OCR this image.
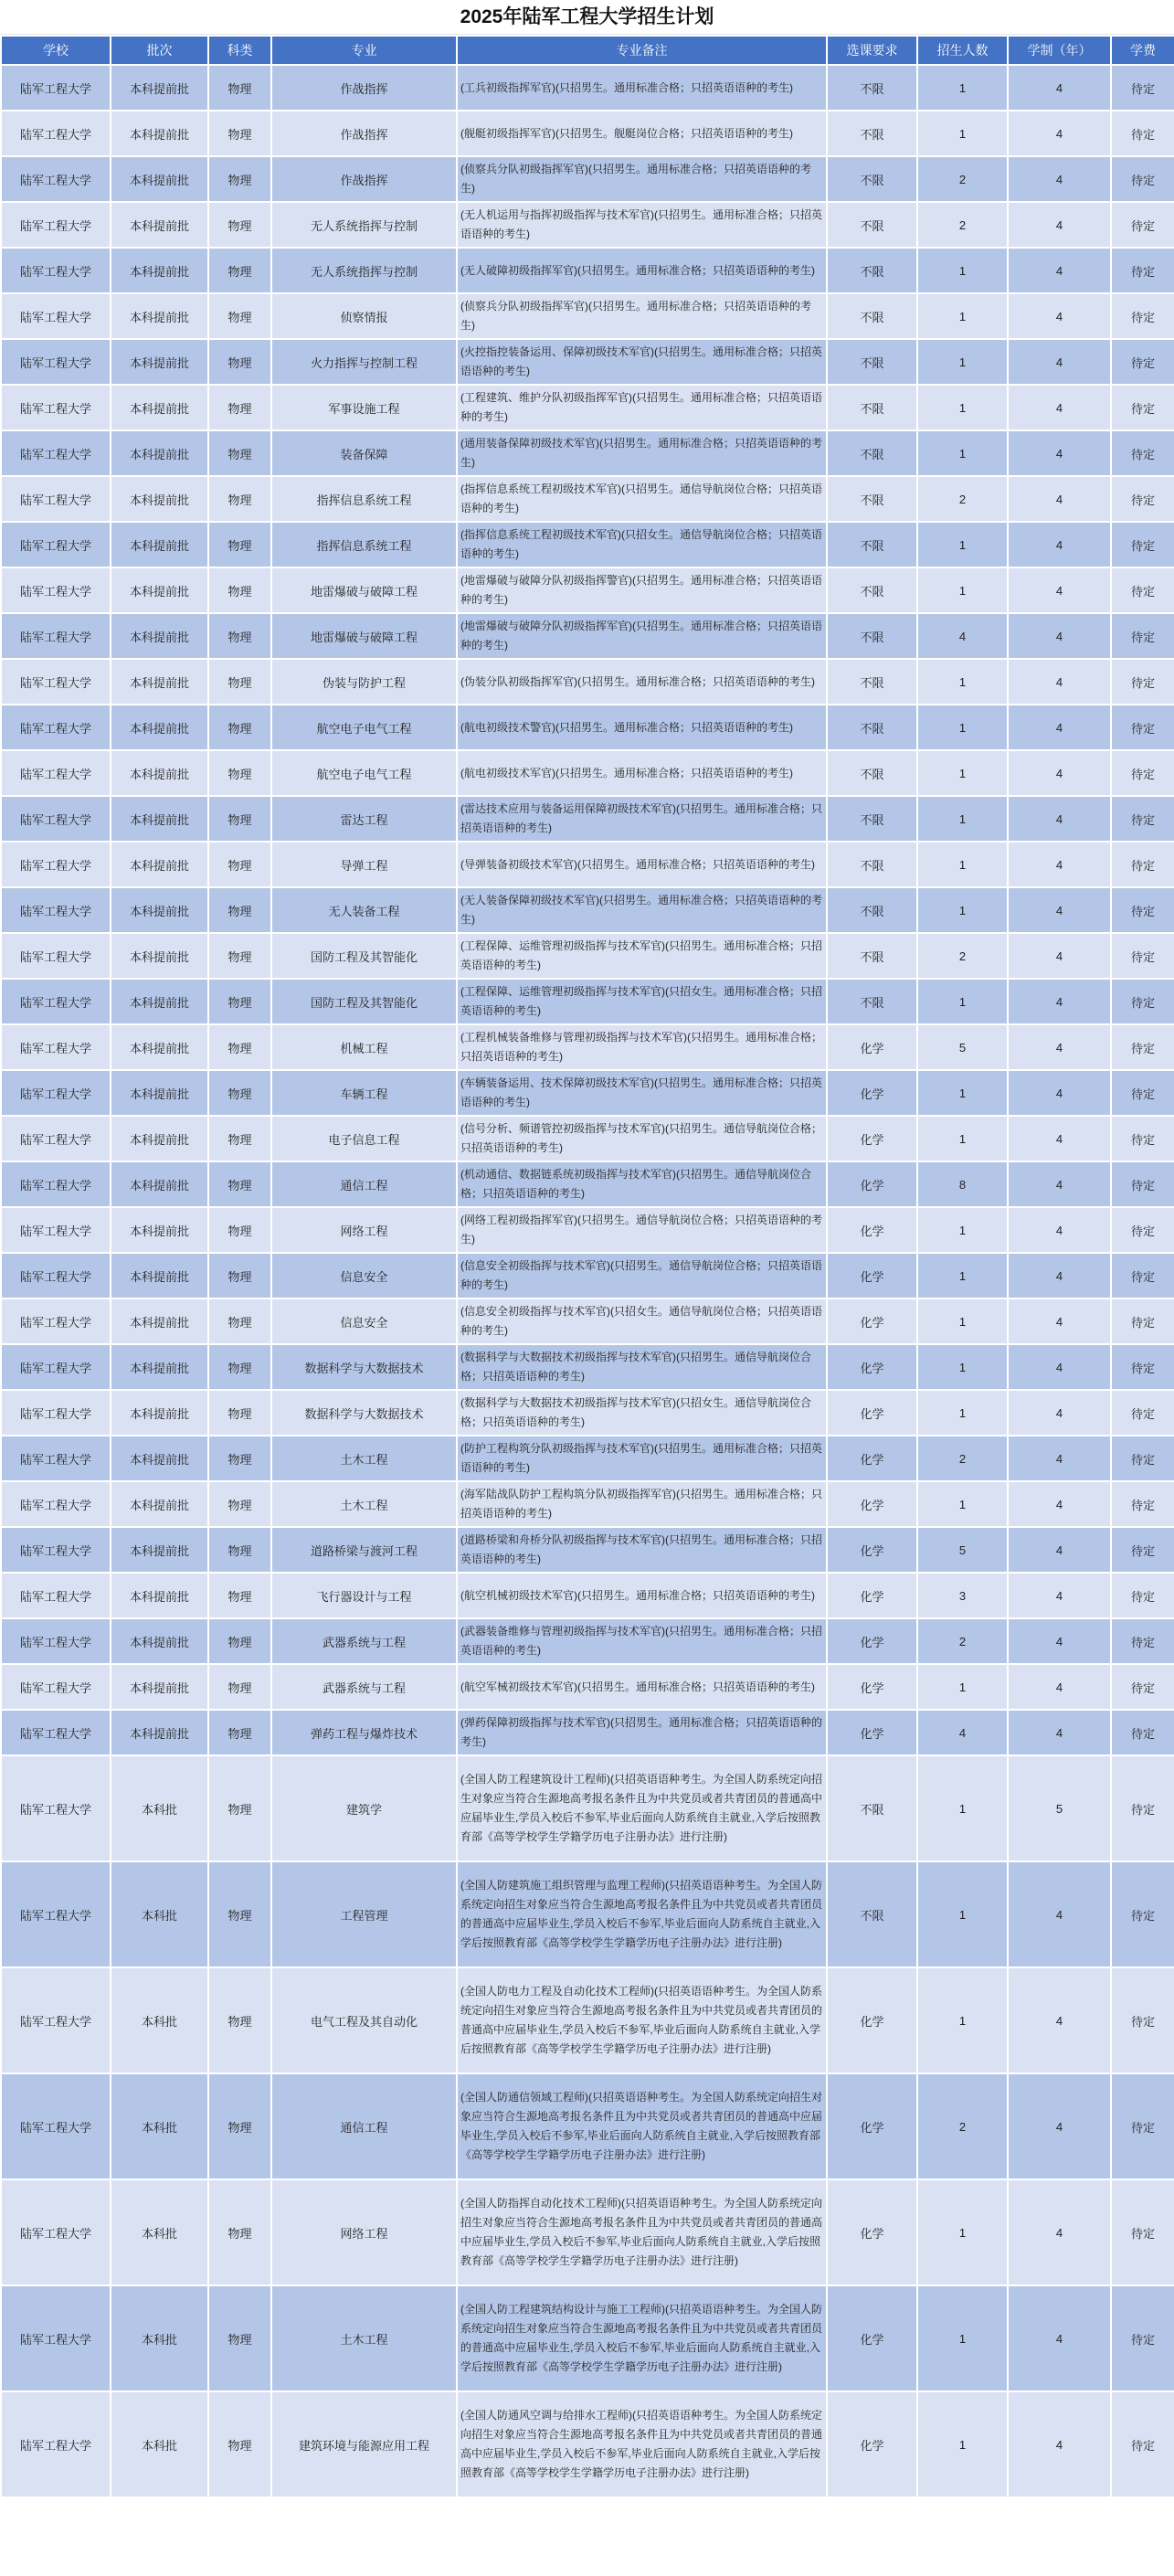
2025年陆军工程大学招生计划
学校	批次	科类	专业	专业备注	选课要求	招生人数	学制（年）	学费
陆军工程大学	本科提前批	物理	作战指挥	(工兵初级指挥军官)(只招男生。通用标准合格；只招英语语种的考生)	不限	1	4	待定
陆军工程大学	本科提前批	物理	作战指挥	(舰艇初级指挥军官)(只招男生。舰艇岗位合格；只招英语语种的考生)	不限	1	4	待定
陆军工程大学	本科提前批	物理	作战指挥	(侦察兵分队初级指挥军官)(只招男生。通用标准合格；只招英语语种的考生)	不限	2	4	待定
陆军工程大学	本科提前批	物理	无人系统指挥与控制	(无人机运用与指挥初级指挥与技术军官)(只招男生。通用标准合格；只招英语语种的考生)	不限	2	4	待定
陆军工程大学	本科提前批	物理	无人系统指挥与控制	(无人破障初级指挥军官)(只招男生。通用标准合格；只招英语语种的考生)	不限	1	4	待定
陆军工程大学	本科提前批	物理	侦察情报	(侦察兵分队初级指挥军官)(只招男生。通用标准合格；只招英语语种的考生)	不限	1	4	待定
陆军工程大学	本科提前批	物理	火力指挥与控制工程	(火控指控装备运用、保障初级技术军官)(只招男生。通用标准合格；只招英语语种的考生)	不限	1	4	待定
陆军工程大学	本科提前批	物理	军事设施工程	(工程建筑、维护分队初级指挥军官)(只招男生。通用标准合格；只招英语语种的考生)	不限	1	4	待定
陆军工程大学	本科提前批	物理	装备保障	(通用装备保障初级技术军官)(只招男生。通用标准合格；只招英语语种的考生)	不限	1	4	待定
陆军工程大学	本科提前批	物理	指挥信息系统工程	(指挥信息系统工程初级技术军官)(只招男生。通信导航岗位合格；只招英语语种的考生)	不限	2	4	待定
陆军工程大学	本科提前批	物理	指挥信息系统工程	(指挥信息系统工程初级技术军官)(只招女生。通信导航岗位合格；只招英语语种的考生)	不限	1	4	待定
陆军工程大学	本科提前批	物理	地雷爆破与破障工程	(地雷爆破与破障分队初级指挥警官)(只招男生。通用标准合格；只招英语语种的考生)	不限	1	4	待定
陆军工程大学	本科提前批	物理	地雷爆破与破障工程	(地雷爆破与破障分队初级指挥军官)(只招男生。通用标准合格；只招英语语种的考生)	不限	4	4	待定
陆军工程大学	本科提前批	物理	伪装与防护工程	(伪装分队初级指挥军官)(只招男生。通用标准合格；只招英语语种的考生)	不限	1	4	待定
陆军工程大学	本科提前批	物理	航空电子电气工程	(航电初级技术警官)(只招男生。通用标准合格；只招英语语种的考生)	不限	1	4	待定
陆军工程大学	本科提前批	物理	航空电子电气工程	(航电初级技术军官)(只招男生。通用标准合格；只招英语语种的考生)	不限	1	4	待定
陆军工程大学	本科提前批	物理	雷达工程	(雷达技术应用与装备运用保障初级技术军官)(只招男生。通用标准合格；只招英语语种的考生)	不限	1	4	待定
陆军工程大学	本科提前批	物理	导弹工程	(导弹装备初级技术军官)(只招男生。通用标准合格；只招英语语种的考生)	不限	1	4	待定
陆军工程大学	本科提前批	物理	无人装备工程	(无人装备保障初级技术军官)(只招男生。通用标准合格；只招英语语种的考生)	不限	1	4	待定
陆军工程大学	本科提前批	物理	国防工程及其智能化	(工程保障、运维管理初级指挥与技术军官)(只招男生。通用标准合格；只招英语语种的考生)	不限	2	4	待定
陆军工程大学	本科提前批	物理	国防工程及其智能化	(工程保障、运维管理初级指挥与技术军官)(只招女生。通用标准合格；只招英语语种的考生)	不限	1	4	待定
陆军工程大学	本科提前批	物理	机械工程	(工程机械装备维修与管理初级指挥与技术军官)(只招男生。通用标准合格；只招英语语种的考生)	化学	5	4	待定
陆军工程大学	本科提前批	物理	车辆工程	(车辆装备运用、技术保障初级技术军官)(只招男生。通用标准合格；只招英语语种的考生)	化学	1	4	待定
陆军工程大学	本科提前批	物理	电子信息工程	(信号分析、频谱管控初级指挥与技术军官)(只招男生。通信导航岗位合格；只招英语语种的考生)	化学	1	4	待定
陆军工程大学	本科提前批	物理	通信工程	(机动通信、数据链系统初级指挥与技术军官)(只招男生。通信导航岗位合格；只招英语语种的考生)	化学	8	4	待定
陆军工程大学	本科提前批	物理	网络工程	(网络工程初级指挥军官)(只招男生。通信导航岗位合格；只招英语语种的考生)	化学	1	4	待定
陆军工程大学	本科提前批	物理	信息安全	(信息安全初级指挥与技术军官)(只招男生。通信导航岗位合格；只招英语语种的考生)	化学	1	4	待定
陆军工程大学	本科提前批	物理	信息安全	(信息安全初级指挥与技术军官)(只招女生。通信导航岗位合格；只招英语语种的考生)	化学	1	4	待定
陆军工程大学	本科提前批	物理	数据科学与大数据技术	(数据科学与大数据技术初级指挥与技术军官)(只招男生。通信导航岗位合格；只招英语语种的考生)	化学	1	4	待定
陆军工程大学	本科提前批	物理	数据科学与大数据技术	(数据科学与大数据技术初级指挥与技术军官)(只招女生。通信导航岗位合格；只招英语语种的考生)	化学	1	4	待定
陆军工程大学	本科提前批	物理	土木工程	(防护工程构筑分队初级指挥与技术军官)(只招男生。通用标准合格；只招英语语种的考生)	化学	2	4	待定
陆军工程大学	本科提前批	物理	土木工程	(海军陆战队防护工程构筑分队初级指挥军官)(只招男生。通用标准合格；只招英语语种的考生)	化学	1	4	待定
陆军工程大学	本科提前批	物理	道路桥梁与渡河工程	(道路桥梁和舟桥分队初级指挥与技术军官)(只招男生。通用标准合格；只招英语语种的考生)	化学	5	4	待定
陆军工程大学	本科提前批	物理	飞行器设计与工程	(航空机械初级技术军官)(只招男生。通用标准合格；只招英语语种的考生)	化学	3	4	待定
陆军工程大学	本科提前批	物理	武器系统与工程	(武器装备维修与管理初级指挥与技术军官)(只招男生。通用标准合格；只招英语语种的考生)	化学	2	4	待定
陆军工程大学	本科提前批	物理	武器系统与工程	(航空军械初级技术军官)(只招男生。通用标准合格；只招英语语种的考生)	化学	1	4	待定
陆军工程大学	本科提前批	物理	弹药工程与爆炸技术	(弹药保障初级指挥与技术军官)(只招男生。通用标准合格；只招英语语种的考生)	化学	4	4	待定
陆军工程大学	本科批	物理	建筑学	(全国人防工程建筑设计工程师)(只招英语语种考生。为全国人防系统定向招生对象应当符合生源地高考报名条件且为中共党员或者共青团员的普通高中应届毕业生,学员入校后不参军,毕业后面向人防系统自主就业,入学后按照教育部《高等学校学生学籍学历电子注册办法》进行注册)	不限	1	5	待定
陆军工程大学	本科批	物理	工程管理	(全国人防建筑施工组织管理与监理工程师)(只招英语语种考生。为全国人防系统定向招生对象应当符合生源地高考报名条件且为中共党员或者共青团员的普通高中应届毕业生,学员入校后不参军,毕业后面向人防系统自主就业,入学后按照教育部《高等学校学生学籍学历电子注册办法》进行注册)	不限	1	4	待定
陆军工程大学	本科批	物理	电气工程及其自动化	(全国人防电力工程及自动化技术工程师)(只招英语语种考生。为全国人防系统定向招生对象应当符合生源地高考报名条件且为中共党员或者共青团员的普通高中应届毕业生,学员入校后不参军,毕业后面向人防系统自主就业,入学后按照教育部《高等学校学生学籍学历电子注册办法》进行注册)	化学	1	4	待定
陆军工程大学	本科批	物理	通信工程	(全国人防通信领域工程师)(只招英语语种考生。为全国人防系统定向招生对象应当符合生源地高考报名条件且为中共党员或者共青团员的普通高中应届毕业生,学员入校后不参军,毕业后面向人防系统自主就业,入学后按照教育部《高等学校学生学籍学历电子注册办法》进行注册)	化学	2	4	待定
陆军工程大学	本科批	物理	网络工程	(全国人防指挥自动化技术工程师)(只招英语语种考生。为全国人防系统定向招生对象应当符合生源地高考报名条件且为中共党员或者共青团员的普通高中应届毕业生,学员入校后不参军,毕业后面向人防系统自主就业,入学后按照教育部《高等学校学生学籍学历电子注册办法》进行注册)	化学	1	4	待定
陆军工程大学	本科批	物理	土木工程	(全国人防工程建筑结构设计与施工工程师)(只招英语语种考生。为全国人防系统定向招生对象应当符合生源地高考报名条件且为中共党员或者共青团员的普通高中应届毕业生,学员入校后不参军,毕业后面向人防系统自主就业,入学后按照教育部《高等学校学生学籍学历电子注册办法》进行注册)	化学	1	4	待定
陆军工程大学	本科批	物理	建筑环境与能源应用工程	(全国人防通风空调与给排水工程师)(只招英语语种考生。为全国人防系统定向招生对象应当符合生源地高考报名条件且为中共党员或者共青团员的普通高中应届毕业生,学员入校后不参军,毕业后面向人防系统自主就业,入学后按照教育部《高等学校学生学籍学历电子注册办法》进行注册)	化学	1	4	待定
